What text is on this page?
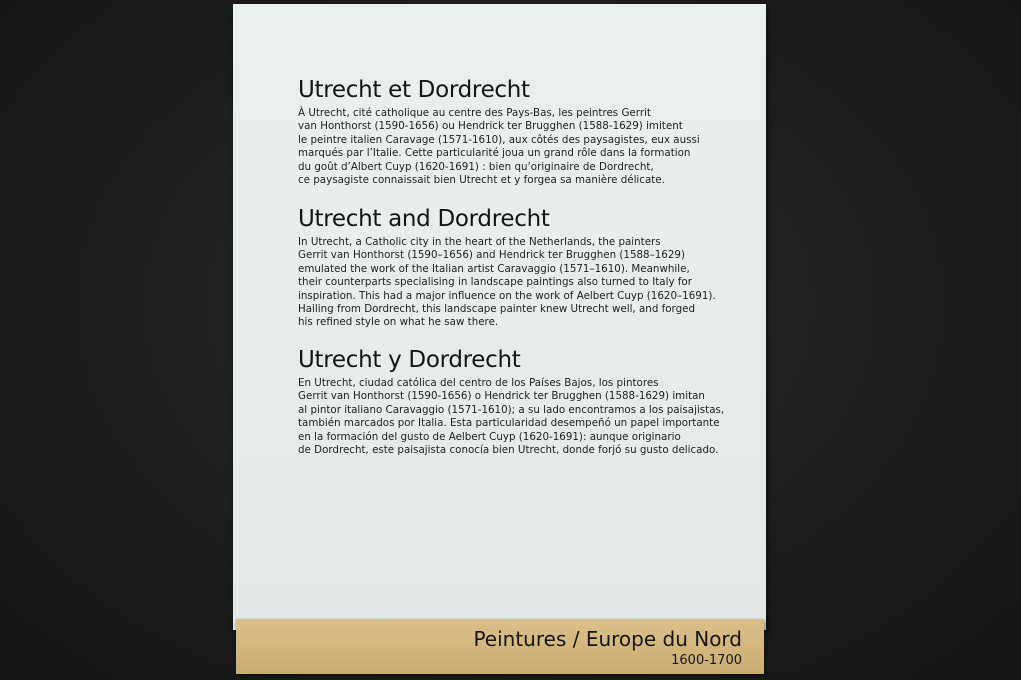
Utrecht et Dordrecht

À Utrecht, cité catholique au centre des Pays-Bas, les peintres Gerrit
van Honthorst (1590-1656) ou Hendrick ter Brugghen (1588-1629) imitent
le peintre italien Caravage (1571-1610), aux côtés des paysagistes, eux aussi
marqués par l’Italie. Cette particularité joua un grand rôle dans la formation
du goût d’Albert Cuyp (1620-1691) : bien qu’originaire de Dordrecht,
ce paysagiste connaissait bien Utrecht et y forgea sa manière délicate.

Utrecht and Dordrecht

In Utrecht, a Catholic city in the heart of the Netherlands, the painters
Gerrit van Honthorst (1590–1656) and Hendrick ter Brugghen (1588–1629)
emulated the work of the Italian artist Caravaggio (1571–1610). Meanwhile,
their counterparts specialising in landscape paintings also turned to Italy for
inspiration. This had a major influence on the work of Aelbert Cuyp (1620–1691).
Hailing from Dordrecht, this landscape painter knew Utrecht well, and forged
his refined style on what he saw there.

Utrecht y Dordrecht

En Utrecht, ciudad católica del centro de los Países Bajos, los pintores
Gerrit van Honthorst (1590-1656) o Hendrick ter Brugghen (1588-1629) imitan
al pintor italiano Caravaggio (1571-1610); a su lado encontramos a los paisajistas,
también marcados por Italia. Esta particularidad desempeñó un papel importante
en la formación del gusto de Aelbert Cuyp (1620-1691): aunque originario
de Dordrecht, este paisajista conocía bien Utrecht, donde forjó su gusto delicado.

Peintures / Europe du Nord
1600-1700
